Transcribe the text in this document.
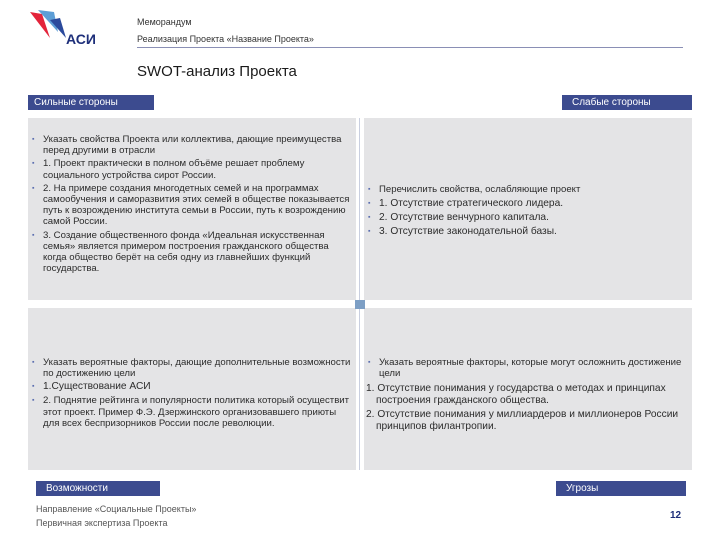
АСИ
Меморандум
Реализация Проекта «Название Проекта»
SWOT-анализ Проекта
Сильные стороны	Слабые стороны
▪ Указать свойства Проекта или коллектива, дающие преимущества перед другими в отрасли
▪ 1. Проект практически в полном объёме решает проблему социального устройства сирот России.
▪ 2. На примере создания многодетных семей и на программах самообучения и саморазвития этих семей в обществе показывается путь к возрождению института семьи в России, путь к возрождению самой России.
▪ 3. Создание общественного фонда «Идеальная искусственная семья» является примером построения гражданского общества когда общество берёт на себя одну из главнейших функций государства.
▪ Перечислить свойства, ослабляющие проект
▪ 1. Отсутствие стратегического лидера.
▪ 2. Отсутствие венчурного капитала.
▪ 3. Отсутствие законодательной базы.
▪ Указать вероятные факторы, дающие дополнительные возможности по достижению цели
▪ 1.Существование АСИ
▪ 2. Поднятие рейтинга и популярности политика который осуществит этот проект. Пример Ф.Э. Дзержинского организовавшего приюты для всех беспризорников России после революции.
▪ Указать вероятные факторы, которые могут осложнить достижение цели

1. Отсутствие понимания у государства о методах и принципах построения гражданского общества.

2. Отсутствие понимания у миллиардеров и миллионеров России принципов филантропии.

Возможности	Угрозы
Направление «Социальные Проекты»
Первичная экспертиза Проекта
12
